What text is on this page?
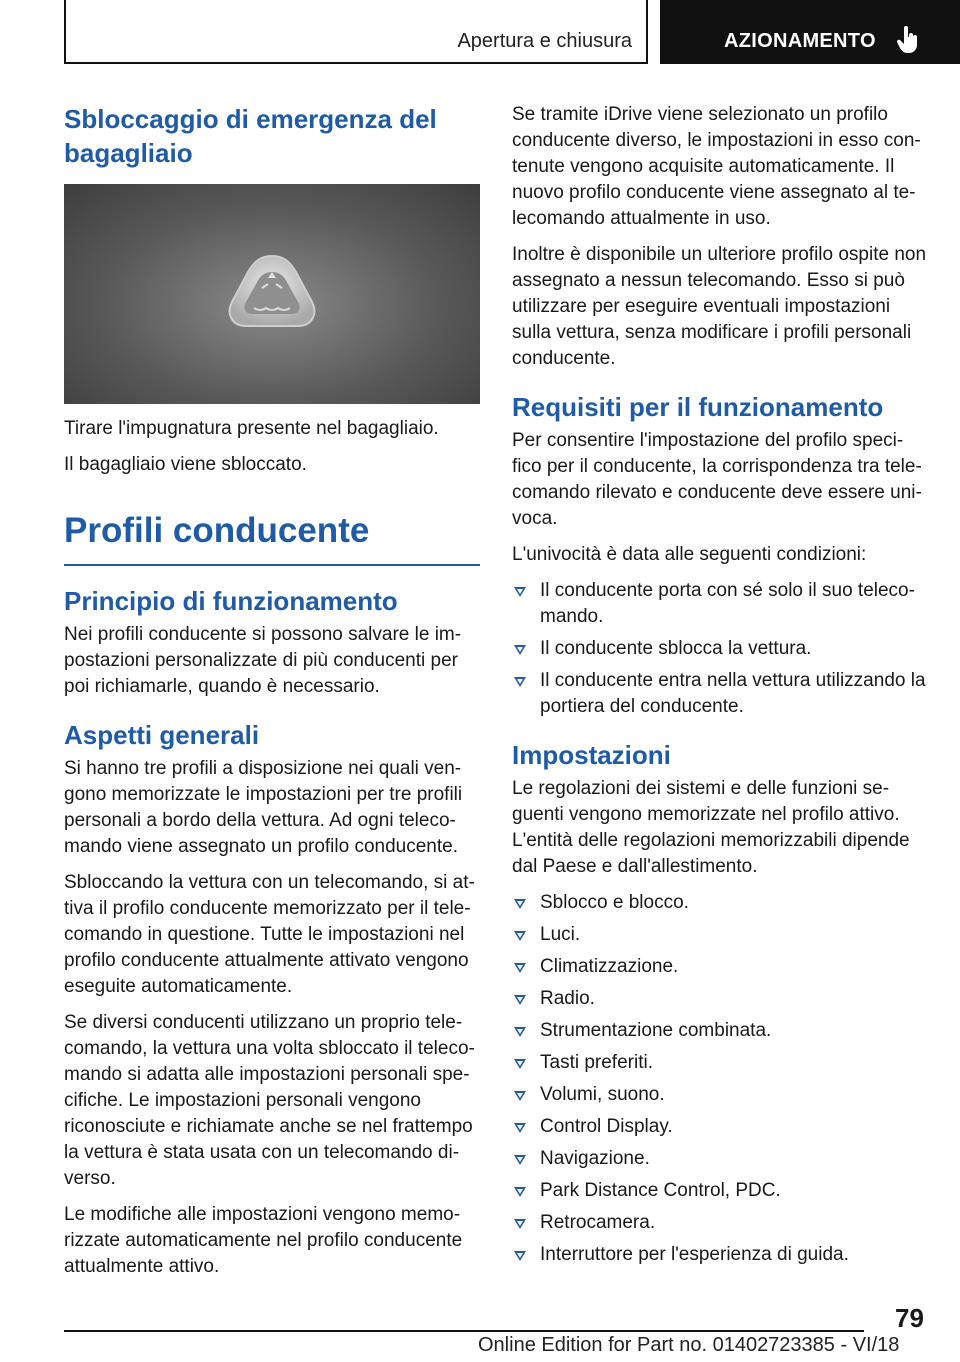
Apertura e chiusura	AZIONAMENTO
Sbloccaggio di emergenza del bagagliaio

Tirare l'impugnatura presente nel bagagliaio.

Il bagagliaio viene sbloccato.

Profili conducente
Principio di funzionamento

Nei profili conducente si possono salvare le im‐ postazioni personalizzate di più conducenti per poi richiamarle, quando è necessario.

Aspetti generali

Si hanno tre profili a disposizione nei quali ven‐ gono memorizzate le impostazioni per tre profili personali a bordo della vettura. Ad ogni teleco‐ mando viene assegnato un profilo conducente.

Sbloccando la vettura con un telecomando, si at‐ tiva il profilo conducente memorizzato per il tele‐ comando in questione. Tutte le impostazioni nel profilo conducente attualmente attivato vengono eseguite automaticamente.

Se diversi conducenti utilizzano un proprio tele‐ comando, la vettura una volta sbloccato il teleco‐ mando si adatta alle impostazioni personali spe‐ cifiche. Le impostazioni personali vengono riconosciute e richiamate anche se nel frattempo la vettura è stata usata con un telecomando di‐ verso.

Le modifiche alle impostazioni vengono memo‐ rizzate automaticamente nel profilo conducente attualmente attivo.

Se tramite iDrive viene selezionato un profilo conducente diverso, le impostazioni in esso con‐ tenute vengono acquisite automaticamente. Il nuovo profilo conducente viene assegnato al te‐ lecomando attualmente in uso.

Inoltre è disponibile un ulteriore profilo ospite non assegnato a nessun telecomando. Esso si può utilizzare per eseguire eventuali impostazioni sulla vettura, senza modificare i profili personali conducente.

Requisiti per il funzionamento

Per consentire l'impostazione del profilo speci‐ fico per il conducente, la corrispondenza tra tele‐ comando rilevato e conducente deve essere uni‐ voca.

L'univocità è data alle seguenti condizioni:

Il conducente porta con sé solo il suo teleco‐ mando.
Il conducente sblocca la vettura.
Il conducente entra nella vettura utilizzando la portiera del conducente.
Impostazioni

Le regolazioni dei sistemi e delle funzioni se‐ guenti vengono memorizzate nel profilo attivo. L'entità delle regolazioni memorizzabili dipende dal Paese e dall'allestimento.

Sblocco e blocco.
Luci.
Climatizzazione.
Radio.
Strumentazione combinata.
Tasti preferiti.
Volumi, suono.
Control Display.
Navigazione.
Park Distance Control, PDC.
Retrocamera.
Interruttore per l'esperienza di guida.
79
Online Edition for Part no. 01402723385 - VI/18
